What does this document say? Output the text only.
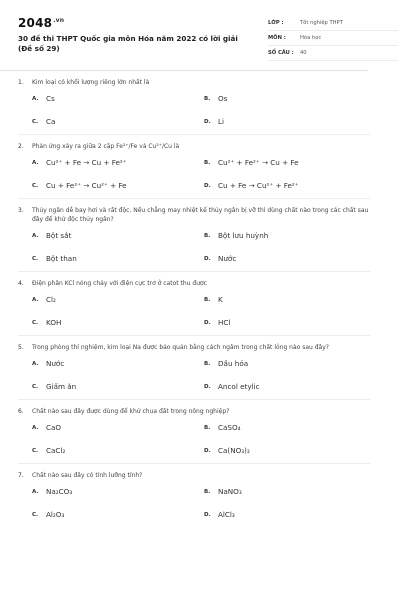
$2048^{.vn}$
30 đề thi THPT Quốc gia môn Hóa năm 2022 có lời giải (Đề số 29)
LỚP :	Tốt nghiệp THPT
MÔN :	Hóa học
SỐ CÂU :	40
1.	Kim loại có khối lượng riêng lớn nhất là
A.	Cs	B.	Os
C.	Ca	D.	Li
2.	Phản ứng xảy ra giữa 2 cặp Fe²⁺/Fe và Cu²⁺/Cu là
A.	Cu²⁺ + Fe → Cu + Fe²⁺	B.	Cu²⁺ + Fe²⁺ → Cu + Fe
C.	Cu + Fe²⁺ → Cu²⁺ + Fe	D.	Cu + Fe → Cu²⁺ + Fe²⁺
3.	Thủy ngân dễ bay hơi và rất độc. Nếu chẳng may nhiệt kế thủy ngân bị vỡ thì dùng chất nào trong các chất sau đây để khử độc thủy ngân?
A.	Bột sắt	B.	Bột lưu huỳnh
C.	Bột than	D.	Nước
4.	Điện phân KCl nóng chảy với điện cực trơ ở catot thu được
A.	Cl₂	B.	K
C.	KOH	D.	HCl
5.	Trong phòng thí nghiệm, kim loại Na được bảo quản bằng cách ngâm trong chất lỏng nào sau đây?
A.	Nước	B.	Dầu hỏa
C.	Giấm ăn	D.	Ancol etylic
6.	Chất nào sau đây được dùng để khử chua đất trong nông nghiệp?
A.	CaO	B.	CaSO₄
C.	CaCl₂	D.	Ca(NO₃)₂
7.	Chất nào sau đây có tính lưỡng tính?
A.	Na₂CO₃	B.	NaNO₃
C.	Al₂O₃	D.	AlCl₃
